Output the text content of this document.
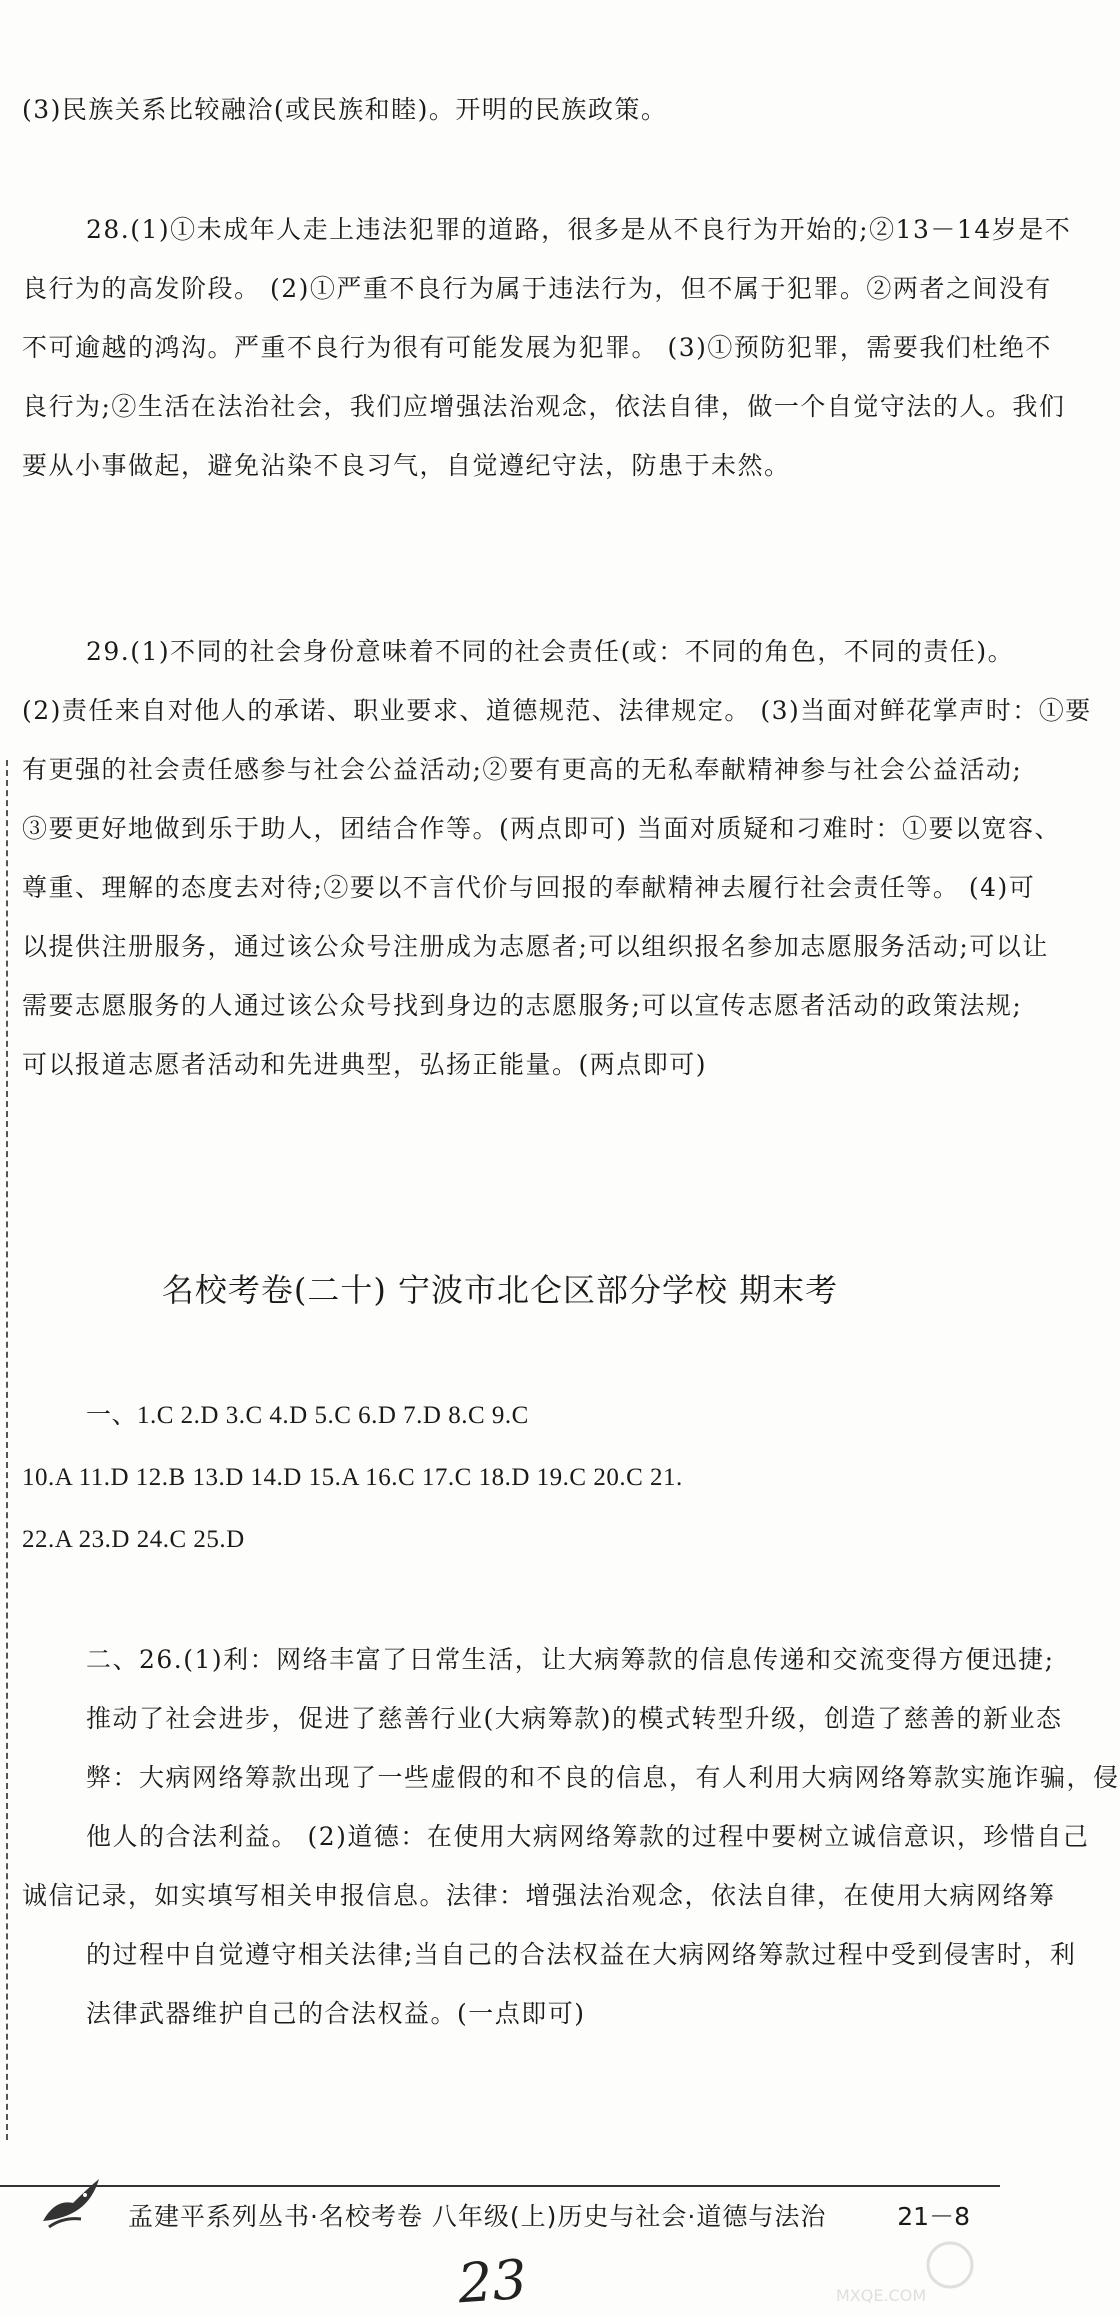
(3)民族关系比较融洽(或民族和睦)。开明的民族政策。
28.(1)①未成年人走上违法犯罪的道路，很多是从不良行为开始的;②13－14岁是不
良行为的高发阶段。 (2)①严重不良行为属于违法行为，但不属于犯罪。②两者之间没有
不可逾越的鸿沟。严重不良行为很有可能发展为犯罪。 (3)①预防犯罪，需要我们杜绝不
良行为;②生活在法治社会，我们应增强法治观念，依法自律，做一个自觉守法的人。我们
要从小事做起，避免沾染不良习气，自觉遵纪守法，防患于未然。
29.(1)不同的社会身份意味着不同的社会责任(或：不同的角色，不同的责任)。
(2)责任来自对他人的承诺、职业要求、道德规范、法律规定。 (3)当面对鲜花掌声时：①要
有更强的社会责任感参与社会公益活动;②要有更高的无私奉献精神参与社会公益活动;
③要更好地做到乐于助人，团结合作等。(两点即可) 当面对质疑和刁难时：①要以宽容、
尊重、理解的态度去对待;②要以不言代价与回报的奉献精神去履行社会责任等。 (4)可
以提供注册服务，通过该公众号注册成为志愿者;可以组织报名参加志愿服务活动;可以让
需要志愿服务的人通过该公众号找到身边的志愿服务;可以宣传志愿者活动的政策法规;
可以报道志愿者活动和先进典型，弘扬正能量。(两点即可)
名校考卷(二十) 宁波市北仑区部分学校 期末考
一、1.C 2.D 3.C 4.D 5.C 6.D 7.D 8.C 9.C
10.A 11.D 12.B 13.D 14.D 15.A 16.C 17.C 18.D 19.C 20.C 21.
22.A 23.D 24.C 25.D
二、26.(1)利：网络丰富了日常生活，让大病筹款的信息传递和交流变得方便迅捷;
推动了社会进步，促进了慈善行业(大病筹款)的模式转型升级，创造了慈善的新业态
弊：大病网络筹款出现了一些虚假的和不良的信息，有人利用大病网络筹款实施诈骗，侵
他人的合法利益。 (2)道德：在使用大病网络筹款的过程中要树立诚信意识，珍惜自己
诚信记录，如实填写相关申报信息。法律：增强法治观念，依法自律，在使用大病网络筹
的过程中自觉遵守相关法律;当自己的合法权益在大病网络筹款过程中受到侵害时，利
法律武器维护自己的合法权益。(一点即可)
孟建平系列丛书·名校考卷 八年级(上)历史与社会·道德与法治	21－8
23	MXQE.COM
